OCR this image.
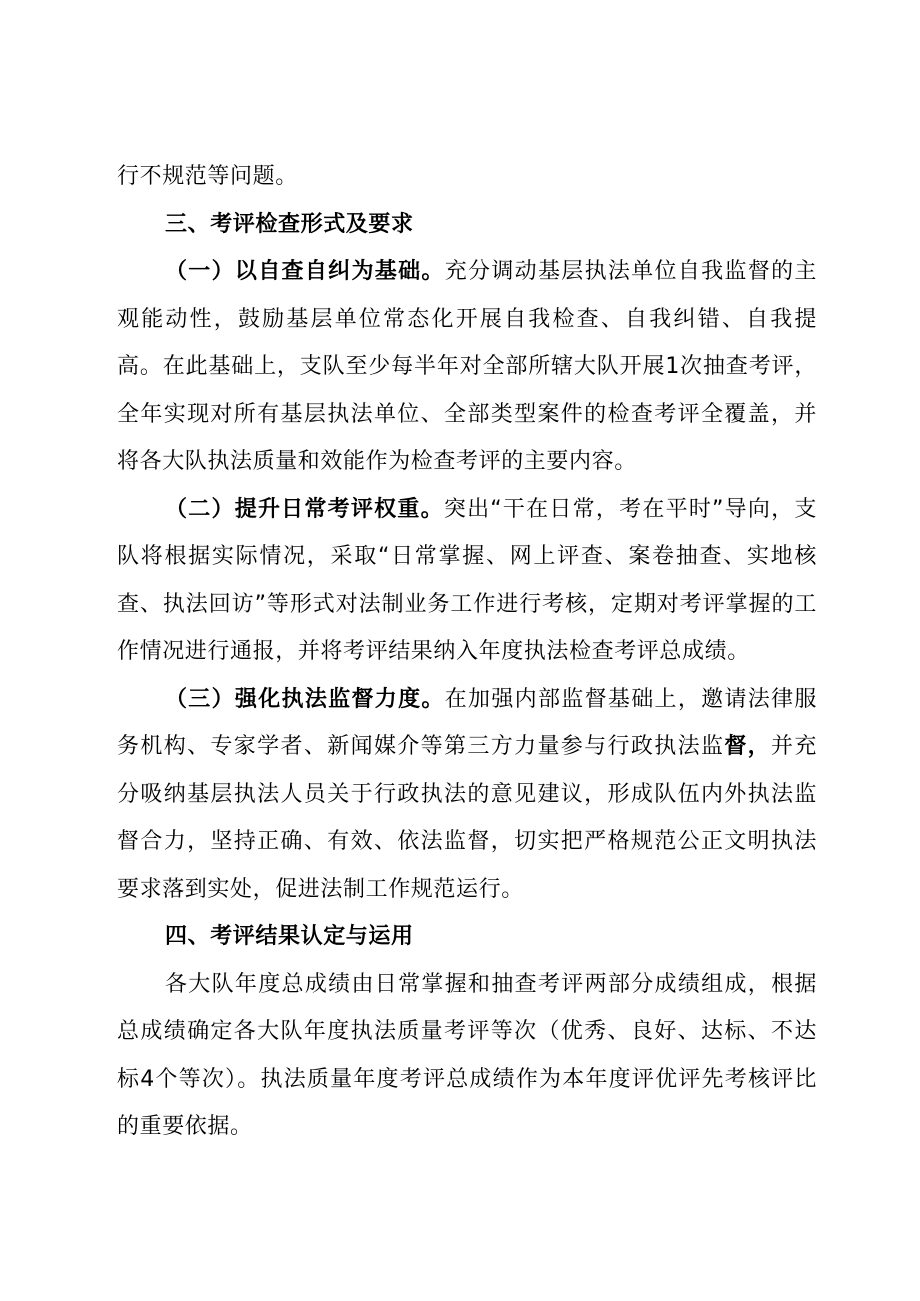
行不规范等问题。

三、考评检查形式及要求

（一）以自查自纠为基础。充分调动基层执法单位自我监督的主观能动性，鼓励基层单位常态化开展自我检查、自我纠错、自我提高。在此基础上，支队至少每半年对全部所辖大队开展1次抽查考评，全年实现对所有基层执法单位、全部类型案件的检查考评全覆盖，并将各大队执法质量和效能作为检查考评的主要内容。

（二）提升日常考评权重。突出“干在日常，考在平时”导向，支队将根据实际情况，采取“日常掌握、网上评查、案卷抽查、实地核查、执法回访”等形式对法制业务工作进行考核，定期对考评掌握的工作情况进行通报，并将考评结果纳入年度执法检查考评总成绩。

（三）强化执法监督力度。在加强内部监督基础上，邀请法律服务机构、专家学者、新闻媒介等第三方力量参与行政执法监督，并充分吸纳基层执法人员关于行政执法的意见建议，形成队伍内外执法监督合力，坚持正确、有效、依法监督，切实把严格规范公正文明执法要求落到实处，促进法制工作规范运行。

四、考评结果认定与运用

各大队年度总成绩由日常掌握和抽查考评两部分成绩组成，根据总成绩确定各大队年度执法质量考评等次（优秀、良好、达标、不达标4个等次）。执法质量年度考评总成绩作为本年度评优评先考核评比的重要依据。
